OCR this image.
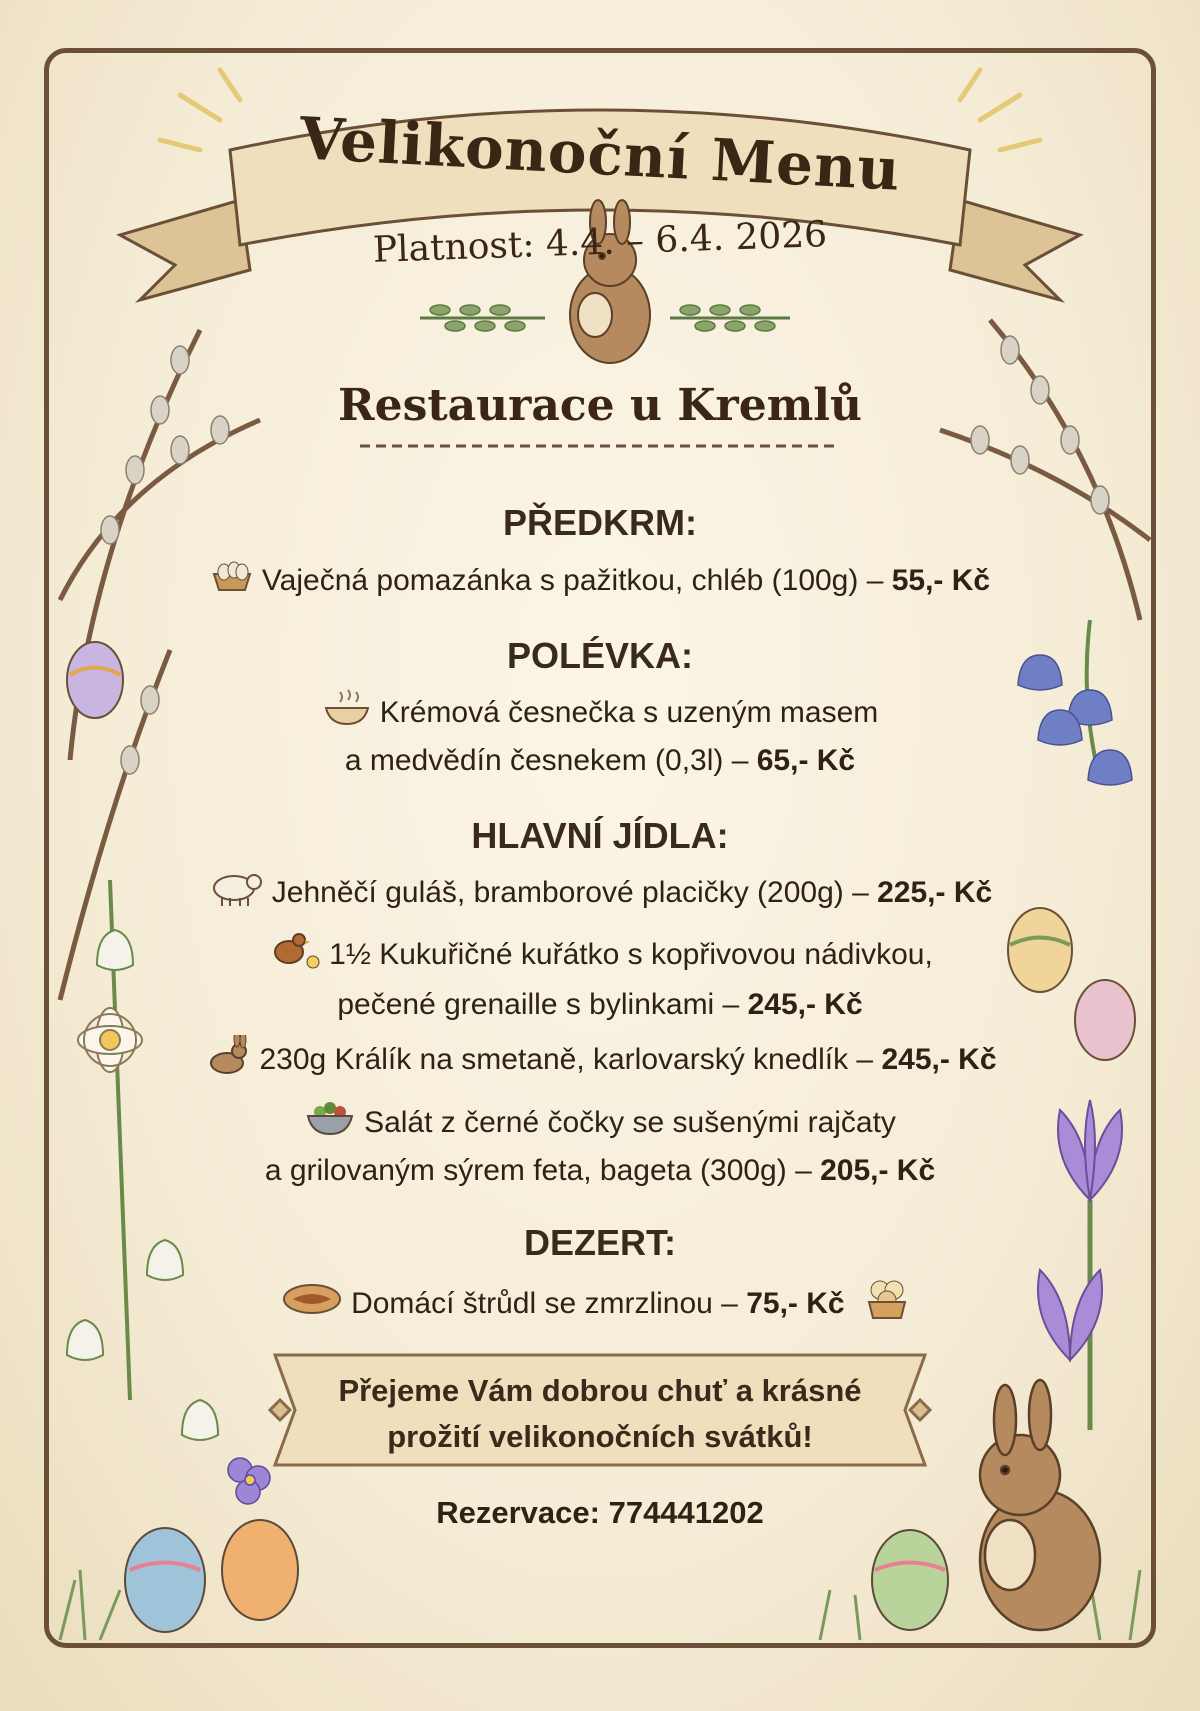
Velikonoční Menu
Platnost: 4.4. – 6.4. 2026
Restaurace u Kremlů
PŘEDKRM:
Vaječná pomazánka s pažitkou, chléb (100g) – 55,- Kč
POLÉVKA:
Krémová česnečka s uzeným masem
a medvědín česnekem (0,3l) – 65,- Kč
HLAVNÍ JÍDLA:
Jehněčí guláš, bramborové placičky (200g) – 225,- Kč
1½ Kukuřičné kuřátko s kopřivovou nádivkou,
pečené grenaille s bylinkami – 245,- Kč
230g Králík na smetaně, karlovarský knedlík – 245,- Kč
Salát z černé čočky se sušenými rajčaty
a grilovaným sýrem feta, bageta (300g) – 205,- Kč
DEZERT:
Domácí štrůdl se zmrzlinou – 75,- Kč
Přejeme Vám dobrou chuť a krásné
prožití velikonočních svátků!
Rezervace: 774441202
